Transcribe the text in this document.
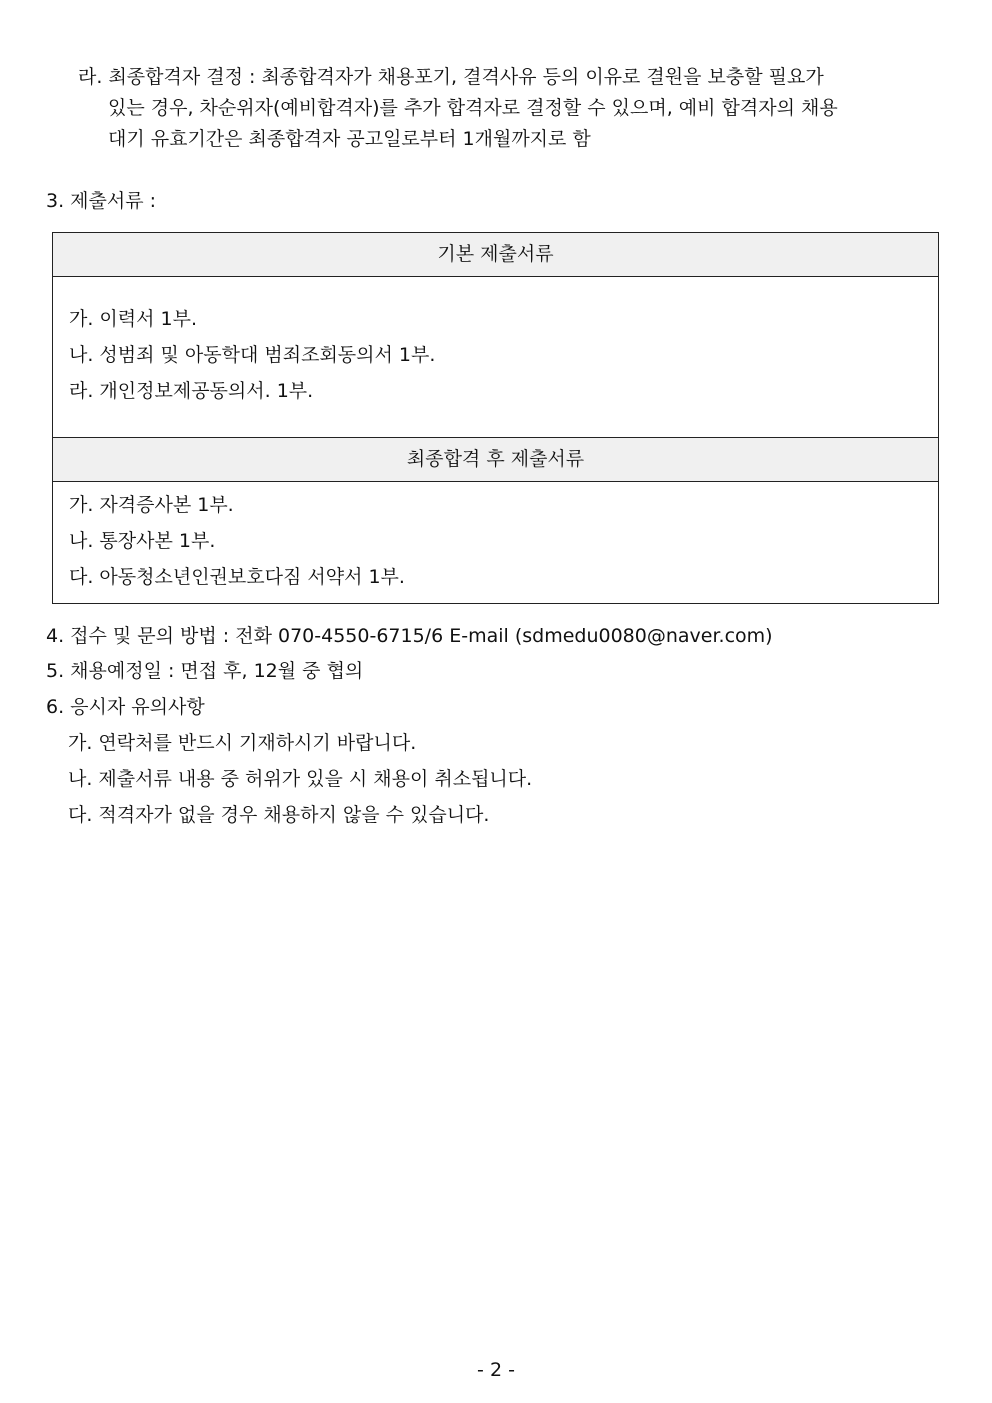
라. 최종합격자 결정 : 최종합격자가 채용포기, 결격사유 등의 이유로 결원을 보충할 필요가
있는 경우, 차순위자(예비합격자)를 추가 합격자로 결정할 수 있으며, 예비 합격자의 채용
대기 유효기간은 최종합격자 공고일로부터 1개월까지로 함
3. 제출서류 :
기본 제출서류
가. 이력서 1부.
나. 성범죄 및 아동학대 범죄조회동의서 1부.
라. 개인정보제공동의서. 1부.
최종합격 후 제출서류
가. 자격증사본 1부.
나. 통장사본 1부.
다. 아동청소년인권보호다짐 서약서 1부.
4. 접수 및 문의 방법 : 전화 070-4550-6715/6 E-mail (sdmedu0080@naver.com)
5. 채용예정일 : 면접 후, 12월 중 협의
6. 응시자 유의사항
가. 연락처를 반드시 기재하시기 바랍니다.
나. 제출서류 내용 중 허위가 있을 시 채용이 취소됩니다.
다. 적격자가 없을 경우 채용하지 않을 수 있습니다.
- 2 -
